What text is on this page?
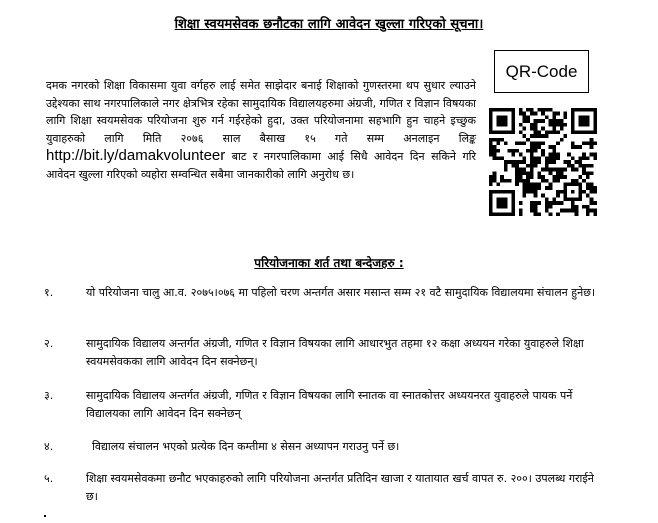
शिक्षा स्वयमसेवक छनौटका लागि आवेदन खुल्ला गरिएको सूचना।
QR-Code
दमक नगरको शिक्षा विकासमा युवा वर्गहरु लाई समेत साझेदार बनाई शिक्षाको गुणस्तरमा थप सुधार ल्याउने उद्देश्यका साथ नगरपालिकाले नगर क्षेत्रभित्र रहेका सामुदायिक विद्यालयहरुमा अंग्रजी, गणित र विज्ञान विषयका लागि शिक्षा स्वयमसेवक परियोजना शुरु गर्न गईरहेको हुदा, उक्त परियोजनामा सहभागि हुन चाहने इच्छुक युवाहरुको लागि मिति २०७६ साल बैसाख १५ गते सम्म अनलाइन लिङ्क http://bit.ly/damakvolunteer बाट र नगरपालिकामा आई सिधै आवेदन दिन सकिने गरि आवेदन खुल्ला गरिएको व्यहोरा सम्वन्धित सबैमा जानकारीको लागि अनुरोध छ।
परियोजनाका शर्त तथा बन्देजहरु :
१.	यो परियोजना चालु आ.व. २०७५।०७६ मा पहिलो चरण अन्तर्गत असार मसान्त सम्म २१ वटै सामुदायिक विद्यालयमा संचालन हुनेछ।
२.	सामुदायिक विद्यालय अन्तर्गत अंग्रजी, गणित र विज्ञान विषयका लागि आधारभुत तहमा १२ कक्षा अध्ययन गरेका युवाहरुले शिक्षा स्वयमसेवकका लागि आवेदन दिन सक्नेछन्।
३.	सामुदायिक विद्यालय अन्तर्गत अंग्रजी, गणित र विज्ञान विषयका लागि स्नातक वा स्नातकोत्तर अध्ययनरत युवाहरुले पायक पर्ने विद्यालयका लागि आवेदन दिन सक्नेछन्
४.	विद्यालय संचालन भएको प्रत्येक दिन कम्तीमा ४ सेसन अध्यापन गराउनु पर्ने छ।
५.	शिक्षा स्वयमसेवकमा छनौट भएकाहरुको लागि परियोजना अन्तर्गत प्रतिदिन खाजा र यातायात खर्च वापत रु. २००। उपलब्ध गराईने छ।
